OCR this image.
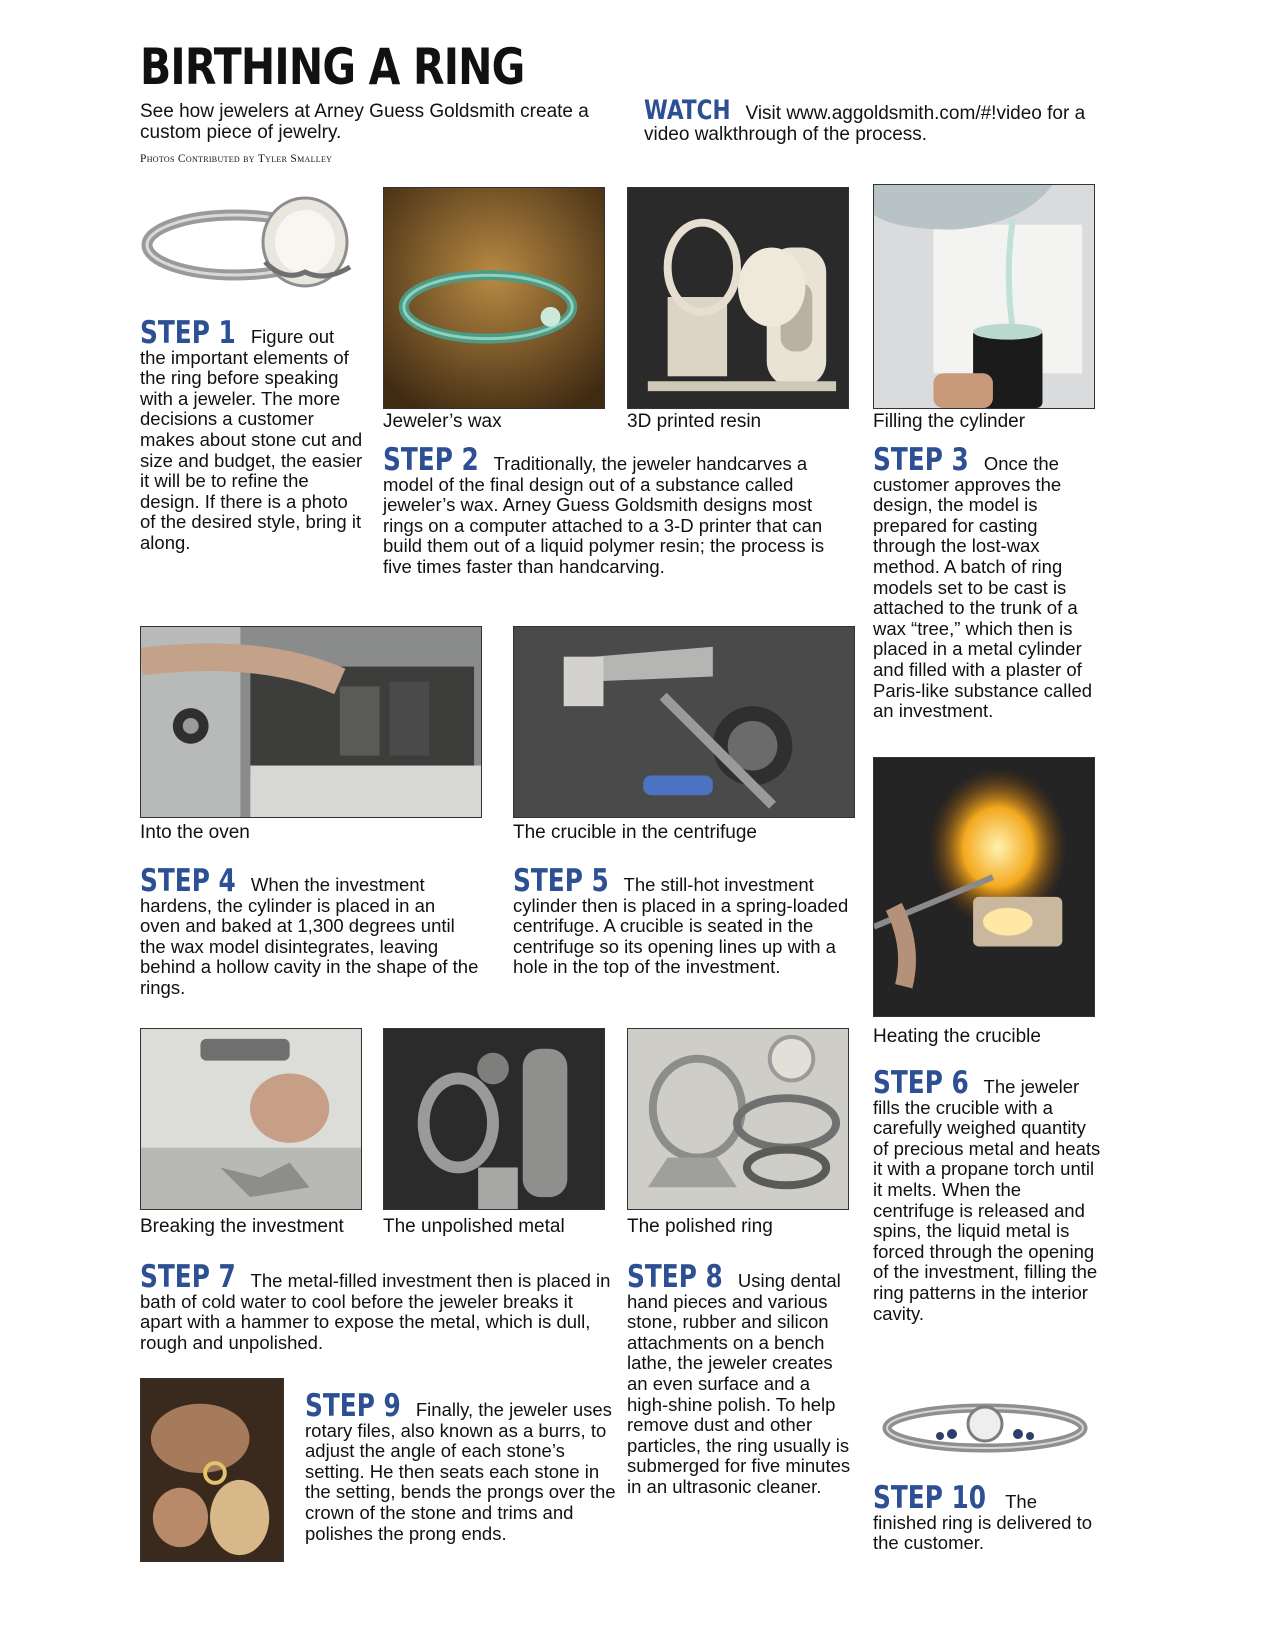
BIRTHING A RING
See how jewelers at Arney Guess Goldsmith create a custom piece of jewelry.
Photos Contributed by Tyler Smalley
WATCH Visit www.aggoldsmith.com/#!video for a video walkthrough of the process.
Jeweler’s wax	3D printed resin	Filling the cylinder
STEP 1 Figure out the important elements of the ring before speaking with a jeweler. The more decisions a customer makes about stone cut and size and budget, the easier it will be to refine the design. If there is a photo of the desired style, bring it along.
STEP 2 Traditionally, the jeweler handcarves a model of the final design out of a substance called jeweler’s wax. Arney Guess Goldsmith designs most rings on a computer attached to a 3-D printer that can build them out of a liquid polymer resin; the process is five times faster than handcarving.
STEP 3 Once the customer approves the design, the model is prepared for casting through the lost-wax method. A batch of ring models set to be cast is attached to the trunk of a wax “tree,” which then is placed in a metal cylinder and filled with a plaster of Paris-like substance called an investment.
Into the oven	The crucible in the centrifuge
Heating the crucible
STEP 4 When the investment hardens, the cylinder is placed in an oven and baked at 1,300 degrees until the wax model disintegrates, leaving behind a hollow cavity in the shape of the rings.
STEP 5 The still-hot investment cylinder then is placed in a spring-loaded centrifuge. A crucible is seated in the centrifuge so its opening lines up with a hole in the top of the investment.
STEP 6 The jeweler fills the crucible with a carefully weighed quantity of precious metal and heats it with a propane torch until it melts. When the centrifuge is released and spins, the liquid metal is forced through the opening of the investment, filling the ring patterns in the interior cavity.
Breaking the investment The unpolished metal	The polished ring
STEP 7 The metal-filled investment then is placed in bath of cold water to cool before the jeweler breaks it apart with a hammer to expose the metal, which is dull, rough and unpolished.
STEP 8 Using dental hand pieces and various stone, rubber and silicon attachments on a bench lathe, the jeweler creates an even surface and a high-shine polish. To help remove dust and other particles, the ring usually is submerged for five minutes in an ultrasonic cleaner.
STEP 9 Finally, the jeweler uses rotary files, also known as a burrs, to adjust the angle of each stone’s setting. He then seats each stone in the setting, bends the prongs over the crown of the stone and trims and polishes the prong ends.
STEP 10 The finished ring is delivered to the customer.
